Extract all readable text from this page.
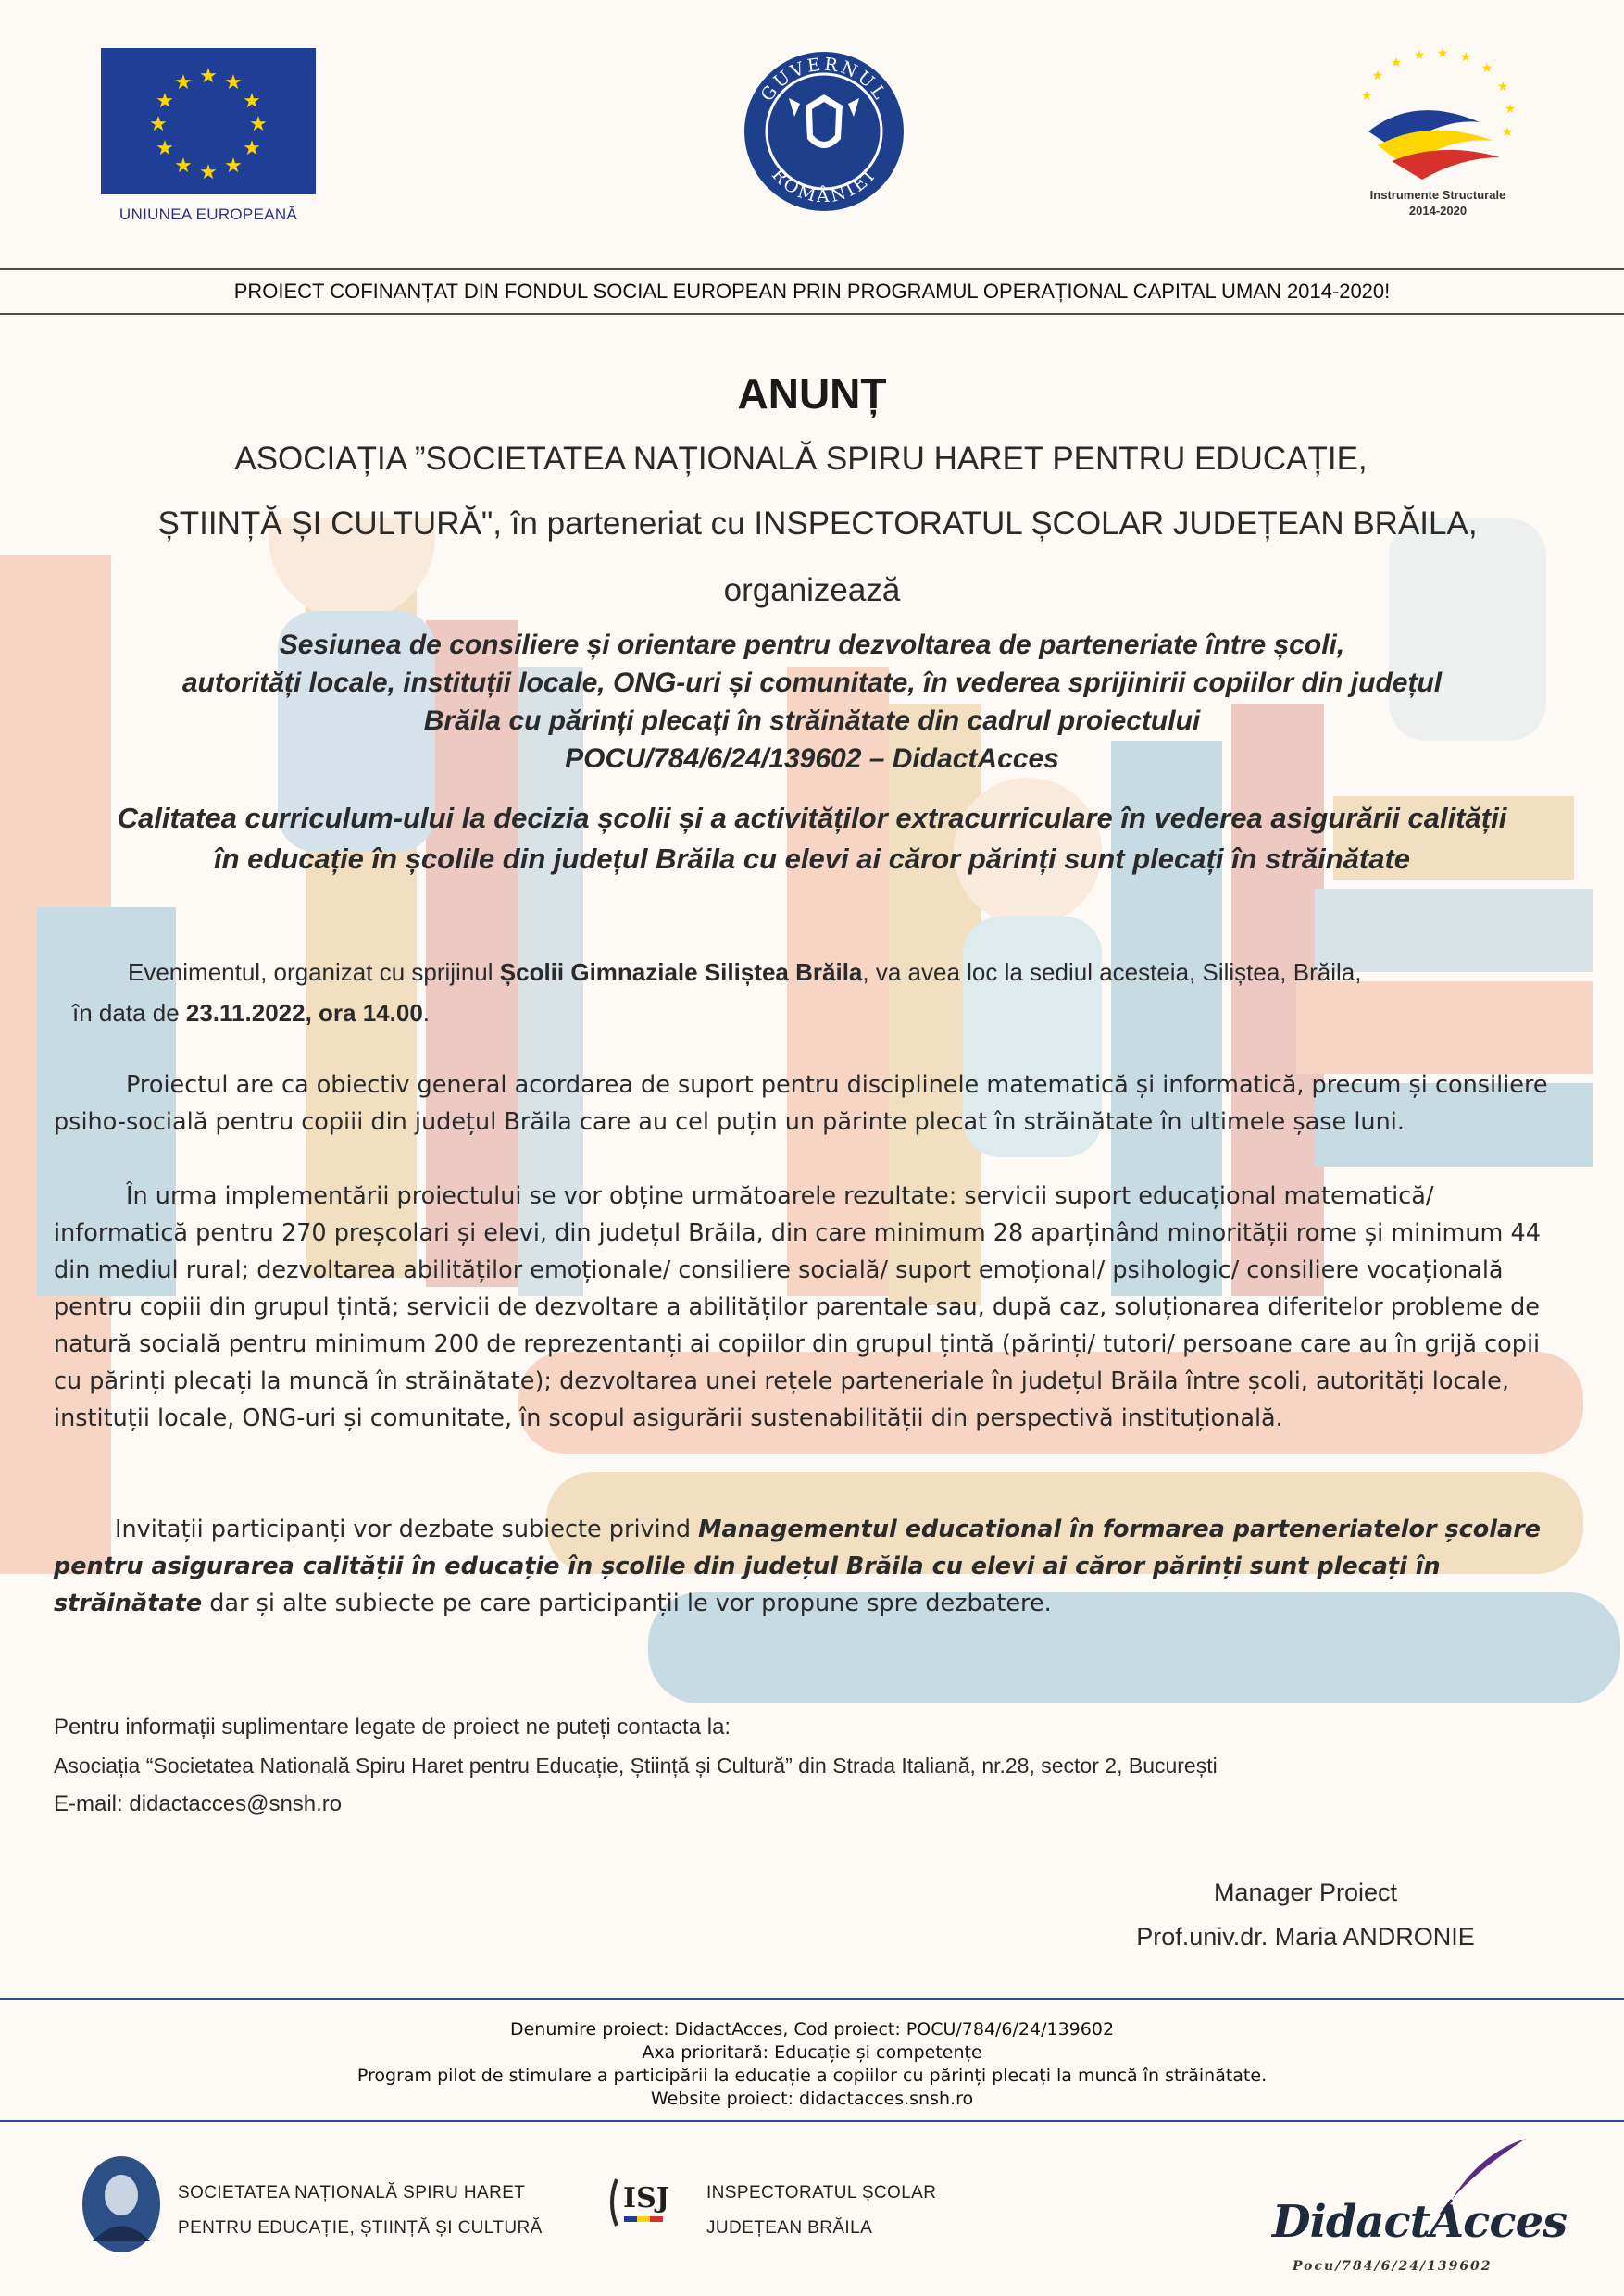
★ ★
★
★
★
★
★
★
★
★
★
★
UNIUNEA EUROPEANĂ
GUVERNUL
ROMÂNIEI
★ ★ ★ ★
★
★
★
★
★
★
Instrumente Structurale
2014-2020
PROIECT COFINANȚAT DIN FONDUL SOCIAL EUROPEAN PRIN PROGRAMUL OPERAȚIONAL CAPITAL UMAN 2014-2020!
ANUNȚ
ASOCIAȚIA ”SOCIETATEA NAȚIONALĂ SPIRU HARET PENTRU EDUCAȚIE,
ȘTIINȚĂ ȘI CULTURĂ", în parteneriat cu INSPECTORATUL ȘCOLAR JUDEȚEAN BRĂILA,
organizează
Sesiunea de consiliere și orientare pentru dezvoltarea de parteneriate între școli,
autorități locale, instituții locale, ONG-uri și comunitate, în vederea sprijinirii copiilor din județul
Brăila cu părinți plecați în străinătate din cadrul proiectului
POCU/784/6/24/139602 – DidactAcces
Calitatea curriculum-ului la decizia școlii și a activităților extracurriculare în vederea asigurării calității
în educație în școlile din județul Brăila cu elevi ai căror părinți sunt plecați în străinătate
Evenimentul, organizat cu sprijinul Școlii Gimnaziale Siliștea Brăila, va avea loc la sediul acesteia, Siliștea, Brăila,
în data de 23.11.2022, ora 14.00.
Proiectul are ca obiectiv general acordarea de suport pentru disciplinele matematică și informatică, precum și consiliere psiho-socială pentru copiii din județul Brăila care au cel puțin un părinte plecat în străinătate în ultimele șase luni.
În urma implementării proiectului se vor obține următoarele rezultate: servicii suport educațional matematică/ informatică pentru 270 preșcolari și elevi, din județul Brăila, din care minimum 28 aparținând minorității rome și minimum 44 din mediul rural; dezvoltarea abilităților emoționale/ consiliere socială/ suport emoțional/ psihologic/ consiliere vocațională pentru copiii din grupul țintă; servicii de dezvoltare a abilităților parentale sau, după caz, soluționarea diferitelor probleme de natură socială pentru minimum 200 de reprezentanți ai copiilor din grupul țintă (părinți/ tutori/ persoane care au în grijă copii cu părinți plecați la muncă în străinătate); dezvoltarea unei rețele parteneriale în județul Brăila între școli, autorități locale, instituții locale, ONG-uri și comunitate, în scopul asigurării sustenabilității din perspectivă instituțională.
Invitații participanți vor dezbate subiecte privind Managementul educational în formarea parteneriatelor școlare pentru asigurarea calității în educație în școlile din județul Brăila cu elevi ai căror părinți sunt plecați în străinătate dar și alte subiecte pe care participanții le vor propune spre dezbatere.
Pentru informații suplimentare legate de proiect ne puteți contacta la:
Asociația “Societatea Natională Spiru Haret pentru Educație, Știință și Cultură” din Strada Italiană, nr.28, sector 2, București
E-mail: didactacces@snsh.ro
Manager Proiect
Prof.univ.dr. Maria ANDRONIE
Denumire proiect: DidactAcces, Cod proiect: POCU/784/6/24/139602
Axa prioritară: Educație și competențe
Program pilot de stimulare a participării la educație a copiilor cu părinți plecați la muncă în străinătate.
Website proiect: didactacces.snsh.ro
SOCIETATEA NAȚIONALĂ SPIRU HARET
PENTRU EDUCAȚIE, ȘTIINȚĂ ȘI CULTURĂ
ISJ INSPECTORATUL ȘCOLAR
JUDEȚEAN BRĂILA	DidactAcces
Pocu/784/6/24/139602
